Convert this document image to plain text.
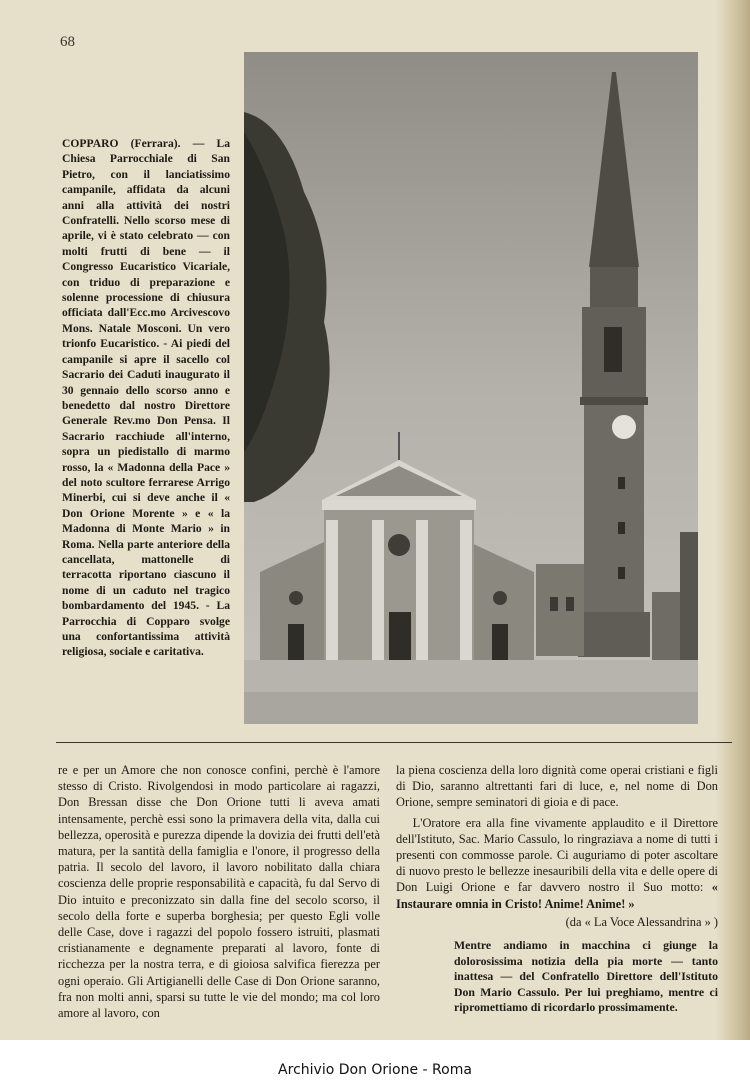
68
COPPARO (Ferrara). — La Chiesa Parrocchiale di San Pietro, con il lanciatissimo campanile, affidata da alcuni anni alla attività dei nostri Confratelli. Nello scorso mese di aprile, vi è stato celebrato — con molti frutti di bene — il Congresso Eucaristico Vicariale, con triduo di preparazione e solenne processione di chiusura officiata dall'Ecc.mo Arcivescovo Mons. Natale Mosconi. Un vero trionfo Eucaristico. - Ai piedi del campanile si apre il sacello col Sacrario dei Caduti inaugurato il 30 gennaio dello scorso anno e benedetto dal nostro Direttore Generale Rev.mo Don Pensa. Il Sacrario racchiude all'interno, sopra un piedistallo di marmo rosso, la « Madonna della Pace » del noto scultore ferrarese Arrigo Minerbi, cui si deve anche il « Don Orione Morente » e « la Madonna di Monte Mario » in Roma. Nella parte anteriore della cancellata, mattonelle di terracotta riportano ciascuno il nome di un caduto nel tragico bombardamento del 1945. - La Parrocchia di Copparo svolge una confortantissima attività religiosa, sociale e caritativa.

re e per un Amore che non conosce confini, perchè è l'amore stesso di Cristo. Rivolgendosi in modo particolare ai ragazzi, Don Bressan disse che Don Orione tutti li aveva amati intensamente, perchè essi sono la primavera della vita, dalla cui bellezza, operosità e purezza dipende la dovizia dei frutti dell'età matura, per la santità della famiglia e l'onore, il progresso della patria. Il secolo del lavoro, il lavoro nobilitato dalla chiara coscienza delle proprie responsabilità e capacità, fu dal Servo di Dio intuito e preconizzato sin dalla fine del secolo scorso, il secolo della forte e superba borghesia; per questo Egli volle delle Case, dove i ragazzi del popolo fossero istruiti, plasmati cristianamente e degnamente preparati al lavoro, fonte di ricchezza per la nostra terra, e di gioiosa salvifica fierezza per ogni operaio. Gli Artigianelli delle Case di Don Orione saranno, fra non molti anni, sparsi su tutte le vie del mondo; ma col loro amore al lavoro, con

la piena coscienza della loro dignità come operai cristiani e figli di Dio, saranno altrettanti fari di luce, e, nel nome di Don Orione, sempre seminatori di gioia e di pace.

L'Oratore era alla fine vivamente applaudito e il Direttore dell'Istituto, Sac. Mario Cassulo, lo ringraziava a nome di tutti i presenti con commosse parole. Ci auguriamo di poter ascoltare di nuovo presto le bellezze inesauribili della vita e delle opere di Don Luigi Orione e far davvero nostro il Suo motto: « Instaurare omnia in Cristo! Anime! Anime! »

(da « La Voce Alessandrina » )

Mentre andiamo in macchina ci giunge la dolorosissima notizia della pia morte — tanto inattesa — del Confratello Direttore dell'Istituto Don Mario Cassulo. Per lui preghiamo, mentre ci ripromettiamo di ricordarlo prossimamente.

Archivio Don Orione - Roma
